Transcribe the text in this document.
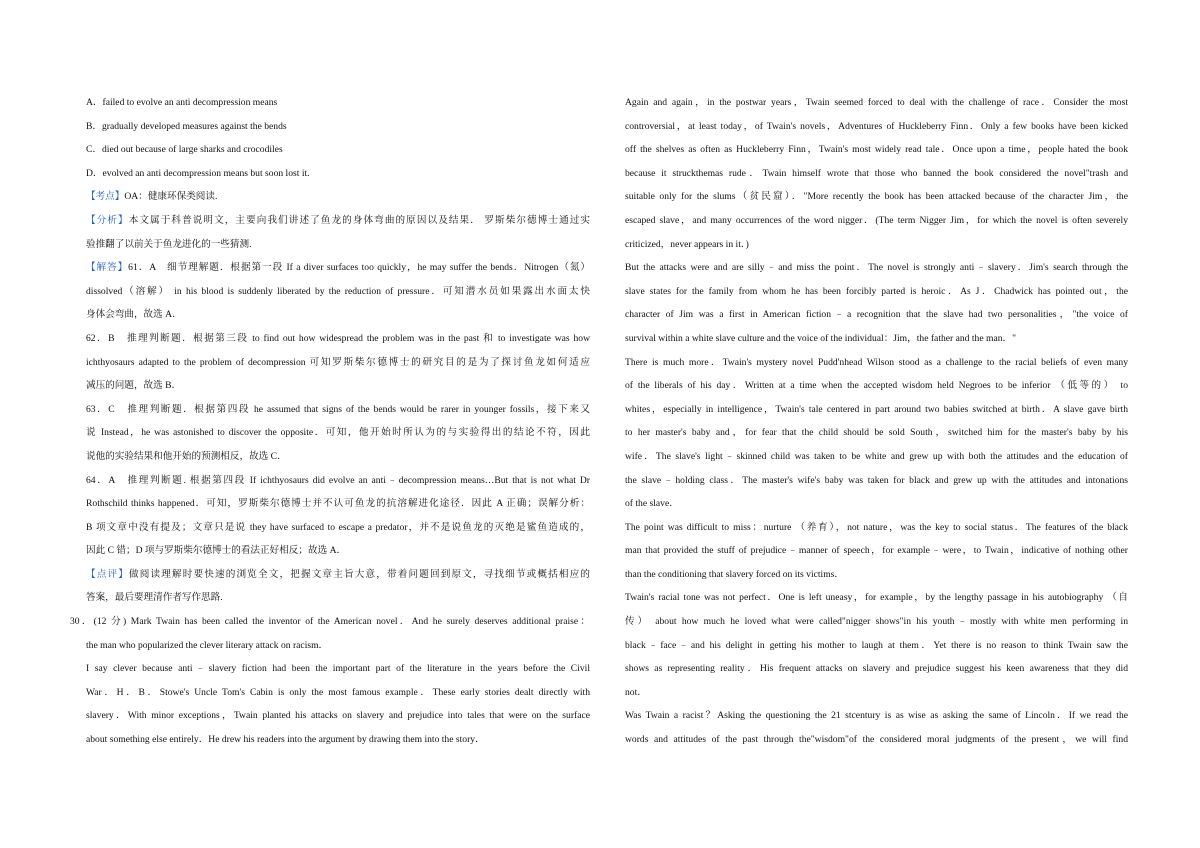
A．failed to evolve an anti decompression means
B．gradually developed measures against the bends
C．died out because of large sharks and crocodiles
D．evolved an anti decompression means but soon lost it.
【考点】OA：健康环保类阅读.
【分析】本文属于科普说明文，主要向我们讲述了鱼龙的身体弯曲的原因以及结果． 罗斯柴尔德博士通过实
验推翻了以前关于鱼龙进化的一些猜测.
【解答】61．A　细节理解题．根据第一段 If a diver surfaces too quickly，he may suffer the bends．Nitrogen（氮）
dissolved（溶解） in his blood is suddenly liberated by the reduction of pressure．可知潜水员如果露出水面太快
身体会弯曲，故选 A．
62．B　推理判断题．根据第三段 to find out how widespread the problem was in the past 和 to investigate was how
ichthyosaurs adapted to the problem of decompression 可知罗斯柴尔德博士的研究目的是为了探讨鱼龙如何适应
减压的问题，故选 B．
63．C　推理判断题．根据第四段 he assumed that signs of the bends would be rarer in younger fossils，接下来又
说 Instead，he was astonished to discover the opposite．可知，他开始时所认为的与实验得出的结论不符，因此
说他的实验结果和他开始的预测相反，故选 C．
64．A　推理判断题. 根据第四段 If ichthyosaurs did evolve an anti﹣decompression means…But that is not what Dr
Rothschild thinks happened．可知，罗斯柴尔德博士并不认可鱼龙的抗溶解进化途径．因此 A 正确；误解分析：
B 项文章中没有提及；文章只是说 they have surfaced to escape a predator，并不是说鱼龙的灭绝是鲨鱼造成的，
因此 C 错；D 项与罗斯柴尔德博士的看法正好相反；故选 A．
【点评】做阅读理解时要快速的浏览全文，把握文章主旨大意，带着问题回到原文，寻找细节或概括相应的
答案，最后要理清作者写作思路.
30．(12 分) Mark Twain has been called the inventor of the American novel．And he surely deserves additional praise：
the man who popularized the clever literary attack on racism．
I say clever because anti﹣slavery fiction had been the important part of the literature in the years before the Civil
War．H．B．Stowe's Uncle Tom's Cabin is only the most famous example．These early stories dealt directly with
slavery．With minor exceptions，Twain planted his attacks on slavery and prejudice into tales that were on the surface
about something else entirely．He drew his readers into the argument by drawing them into the story．
Again and again，in the postwar years，Twain seemed forced to deal with the challenge of race．Consider the most
controversial，at least today，of Twain's novels，Adventures of Huckleberry Finn．Only a few books have been kicked
off the shelves as often as Huckleberry Finn，Twain's most widely read tale．Once upon a time，people hated the book
because it struckthemas rude．Twain himself wrote that those who banned the book considered the novel"trash and
suitable only for the slums（贫民窟）．"More recently the book has been attacked because of the character Jim，the
escaped slave，and many occurrences of the word nigger．(The term Nigger Jim，for which the novel is often severely
criticized，never appears in it．)
But the attacks were and are silly﹣and miss the point．The novel is strongly anti﹣slavery．Jim's search through the
slave states for the family from whom he has been forcibly parted is heroic．As J．Chadwick has pointed out，the
character of Jim was a first in American fiction﹣a recognition that the slave had two personalities，"the voice of
survival within a white slave culture and the voice of the individual：Jim，the father and the man．"
There is much more．Twain's mystery novel Pudd'nhead Wilson stood as a challenge to the racial beliefs of even many
of the liberals of his day．Written at a time when the accepted wisdom held Negroes to be inferior （低等的） to
whites，especially in intelligence，Twain's tale centered in part around two babies switched at birth．A slave gave birth
to her master's baby and，for fear that the child should be sold South，switched him for the master's baby by his
wife．The slave's light﹣skinned child was taken to be white and grew up with both the attitudes and the education of
the slave﹣holding class．The master's wife's baby was taken for black and grew up with the attitudes and intonations
of the slave．
The point was difficult to miss：nurture （养育），not nature，was the key to social status．The features of the black
man that provided the stuff of prejudice﹣manner of speech，for example﹣were，to Twain，indicative of nothing other
than the conditioning that slavery forced on its victims．
Twain's racial tone was not perfect．One is left uneasy，for example，by the lengthy passage in his autobiography （自
传） about how much he loved what were called"nigger shows"in his youth﹣mostly with white men performing in
black﹣face﹣and his delight in getting his mother to laugh at them．Yet there is no reason to think Twain saw the
shows as representing reality．His frequent attacks on slavery and prejudice suggest his keen awareness that they did
not．
Was Twain a racist？Asking the questioning the 21 stcentury is as wise as asking the same of Lincoln．If we read the
words and attitudes of the past through the"wisdom"of the considered moral judgments of the present，we will find
